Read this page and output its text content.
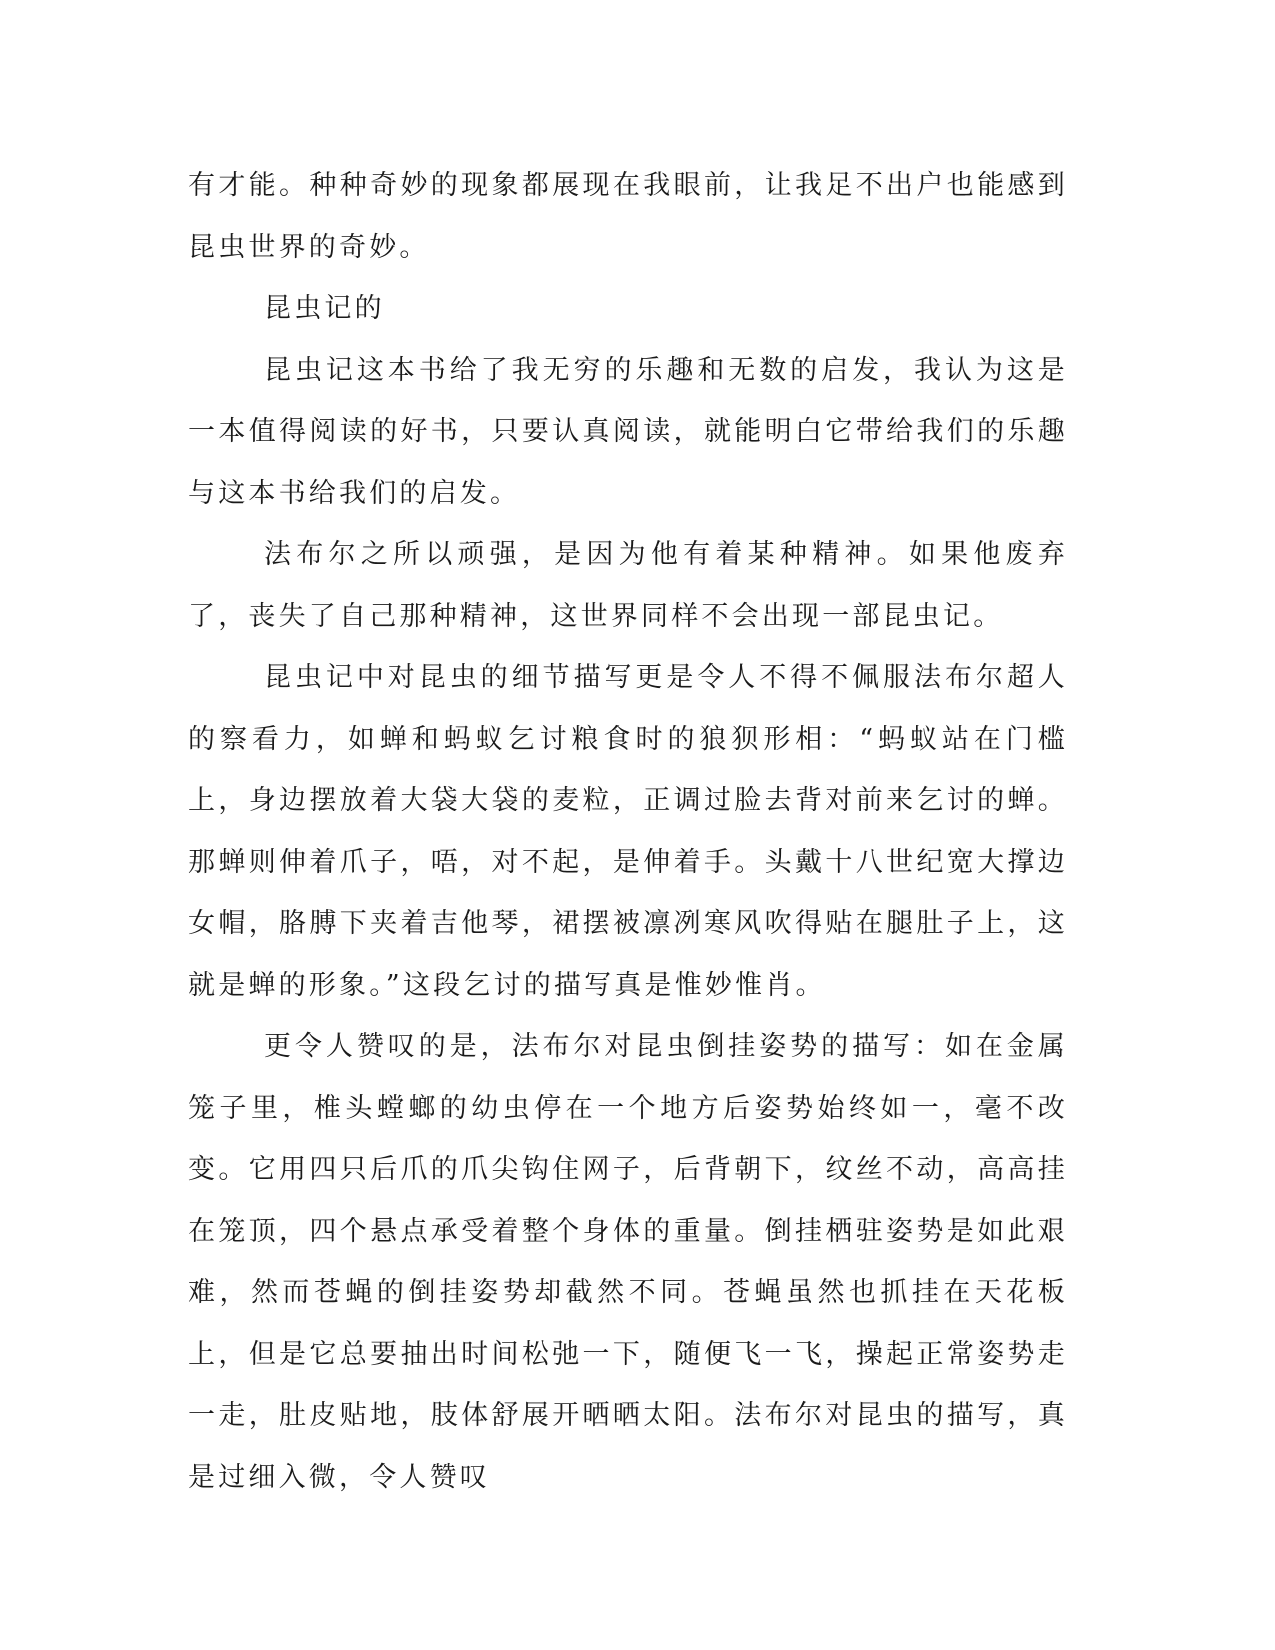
有才能。种种奇妙的现象都展现在我眼前，让我足不出户也能感到昆虫世界的奇妙。

昆虫记的

昆虫记这本书给了我无穷的乐趣和无数的启发，我认为这是一本值得阅读的好书，只要认真阅读，就能明白它带给我们的乐趣与这本书给我们的启发。

法布尔之所以顽强，是因为他有着某种精神。如果他废弃了，丧失了自己那种精神，这世界同样不会出现一部昆虫记。

昆虫记中对昆虫的细节描写更是令人不得不佩服法布尔超人的察看力，如蝉和蚂蚁乞讨粮食时的狼狈形相：“蚂蚁站在门槛上，身边摆放着大袋大袋的麦粒，正调过脸去背对前来乞讨的蝉。那蝉则伸着爪子，唔，对不起，是伸着手。头戴十八世纪宽大撑边女帽，胳膊下夹着吉他琴，裙摆被凛冽寒风吹得贴在腿肚子上，这就是蝉的形象。”这段乞讨的描写真是惟妙惟肖。

更令人赞叹的是，法布尔对昆虫倒挂姿势的描写：如在金属笼子里，椎头螳螂的幼虫停在一个地方后姿势始终如一，毫不改变。它用四只后爪的爪尖钩住网子，后背朝下，纹丝不动，高高挂在笼顶，四个悬点承受着整个身体的重量。倒挂栖驻姿势是如此艰难，然而苍蝇的倒挂姿势却截然不同。苍蝇虽然也抓挂在天花板上，但是它总要抽出时间松弛一下，随便飞一飞，操起正常姿势走一走，肚皮贴地，肢体舒展开晒晒太阳。法布尔对昆虫的描写，真是过细入微，令人赞叹
